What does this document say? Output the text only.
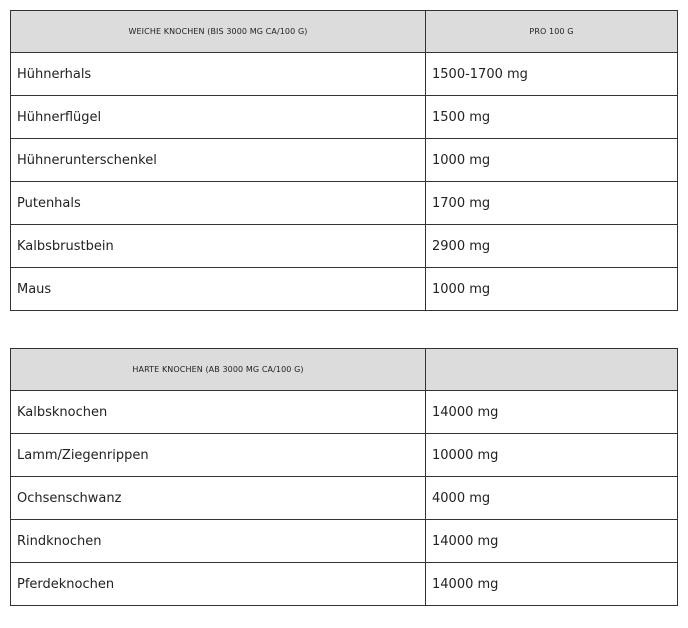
WEICHE KNOCHEN (BIS 3000 MG CA/100 G)	PRO 100 G
Hühnerhals	1500-1700 mg
Hühnerflügel	1500 mg
Hühnerunterschenkel	1000 mg
Putenhals	1700 mg
Kalbsbrustbein	2900 mg
Maus	1000 mg
HARTE KNOCHEN (AB 3000 MG CA/100 G)	
Kalbsknochen	14000 mg
Lamm/Ziegenrippen	10000 mg
Ochsenschwanz	4000 mg
Rindknochen	14000 mg
Pferdeknochen	14000 mg
